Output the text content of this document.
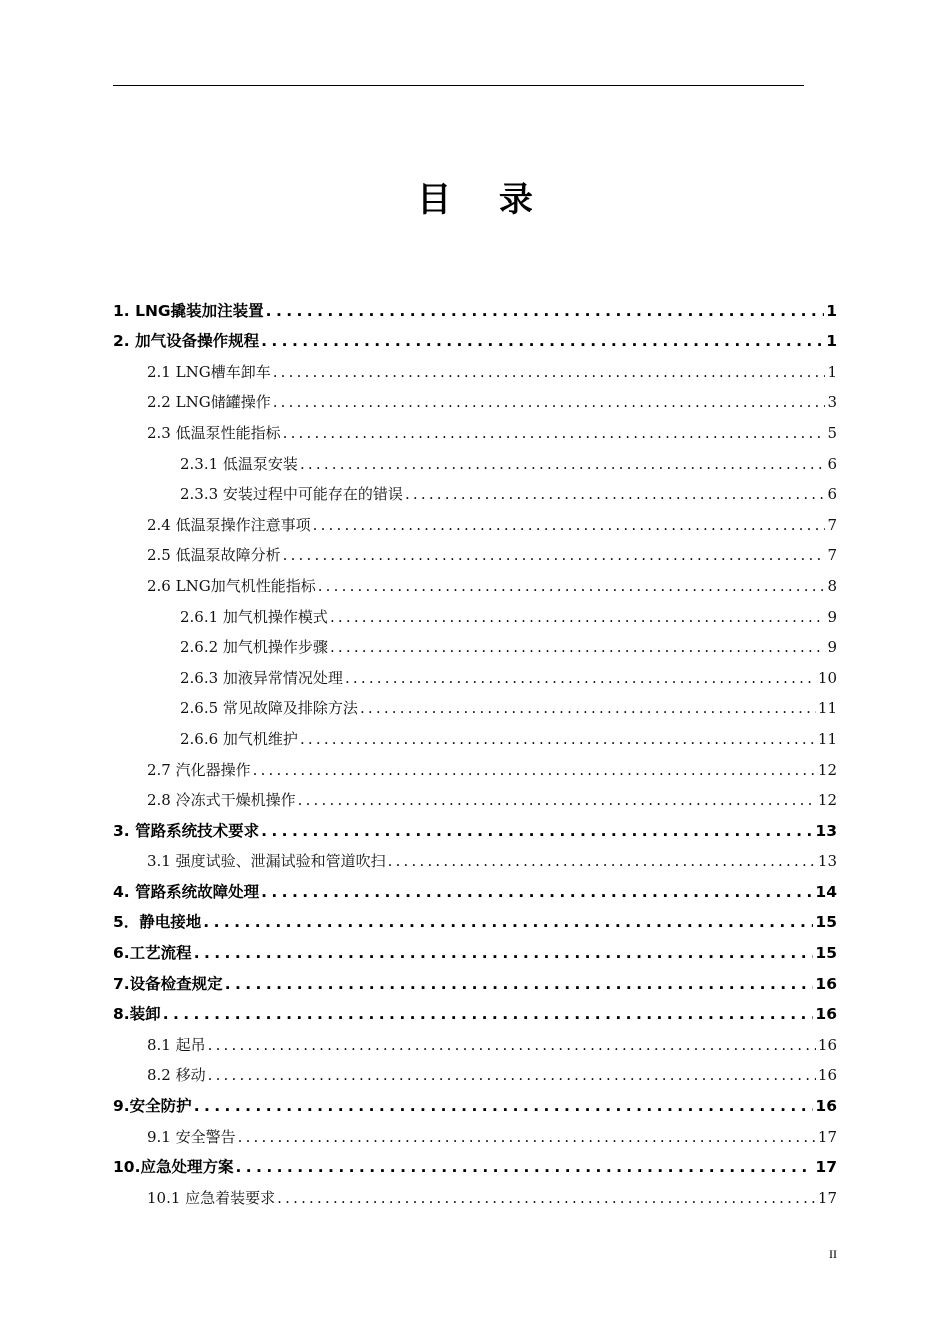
目 录
1. LNG撬装加注装置 .....	1
2. 加气设备操作规程 .....	1
2.1 LNG槽车卸车 .....	1
2.2 LNG储罐操作 .....	3
2.3 低温泵性能指标 .....	5
2.3.1 低温泵安装 .....	6
2.3.3 安装过程中可能存在的错误 .....	6
2.4 低温泵操作注意事项 .....	7
2.5 低温泵故障分析 .....	7
2.6 LNG加气机性能指标 .....	8
2.6.1 加气机操作模式 .....	9
2.6.2 加气机操作步骤 .....	9
2.6.3 加液异常情况处理 .....	10
2.6.5 常见故障及排除方法 .....	11
2.6.6 加气机维护 .....	11
2.7 汽化器操作 .....	12
2.8 冷冻式干燥机操作 .....	12
3. 管路系统技术要求 .....	13
3.1 强度试验、泄漏试验和管道吹扫 .....	13
4. 管路系统故障处理 .....	14
5．静电接地 .....	15
6.工艺流程 .....	15
7.设备检查规定 .....	16
8.装卸 .....	16
8.1 起吊 .....	16
8.2 移动 .....	16
9.安全防护 .....	16
9.1 安全警告 .....	17
10.应急处理方案 .....	17
10.1 应急着装要求 .....	17
II
